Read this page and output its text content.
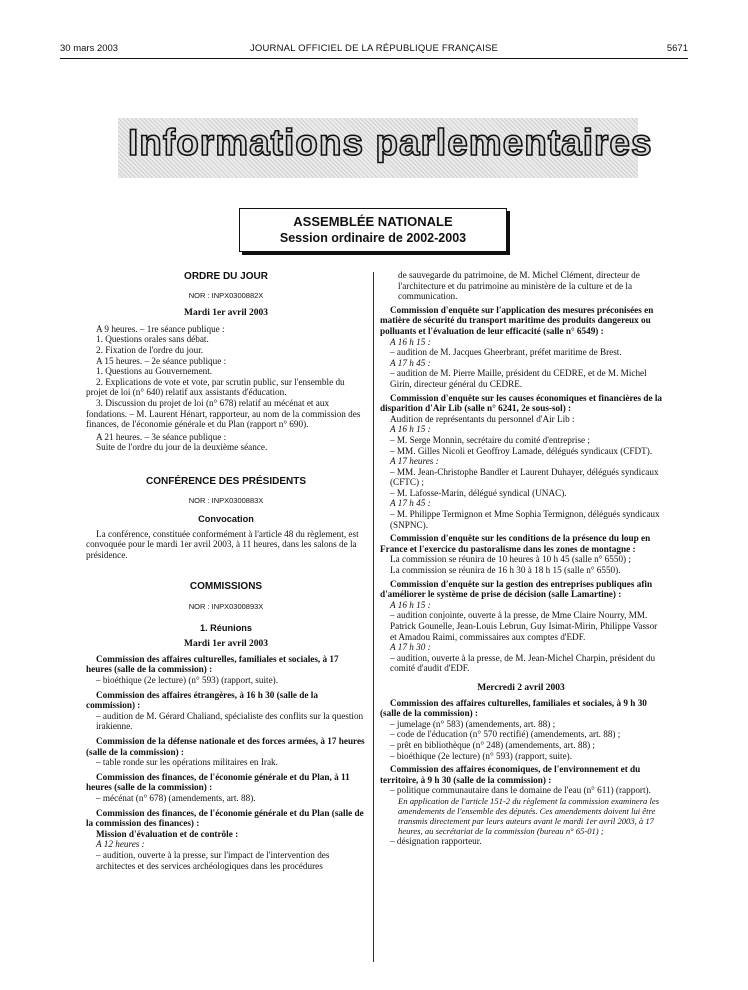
30 mars 2003	JOURNAL OFFICIEL DE LA RÉPUBLIQUE FRANÇAISE	5671
Informations parlementaires
ASSEMBLÉE NATIONALE
Session ordinaire de 2002-2003

ORDRE DU JOUR

NOR : INPX0300882X

Mardi 1er avril 2003

A 9 heures. – 1re séance publique :

1. Questions orales sans débat.

2. Fixation de l'ordre du jour.

A 15 heures. – 2e séance publique :

1. Questions au Gouvernement.

2. Explications de vote et vote, par scrutin public, sur l'ensemble du projet de loi (n° 640) relatif aux assistants d'éducation.

3. Discussion du projet de loi (n° 678) relatif au mécénat et aux fondations. – M. Laurent Hénart, rapporteur, au nom de la commission des finances, de l'économie générale et du Plan (rapport n° 690).

A 21 heures. – 3e séance publique :

Suite de l'ordre du jour de la deuxième séance.

CONFÉRENCE DES PRÉSIDENTS

NOR : INPX0300883X

Convocation

La conférence, constituée conformément à l'article 48 du règlement, est convoquée pour le mardi 1er avril 2003, à 11 heures, dans les salons de la présidence.

COMMISSIONS

NOR : INPX0300893X

1. Réunions

Mardi 1er avril 2003

Commission des affaires culturelles, familiales et sociales, à 17 heures (salle de la commission) :

– bioéthique (2e lecture) (n° 593) (rapport, suite).

Commission des affaires étrangères, à 16 h 30 (salle de la commission) :

– audition de M. Gérard Chaliand, spécialiste des conflits sur la question irakienne.

Commission de la défense nationale et des forces armées, à 17 heures (salle de la commission) :

– table ronde sur les opérations militaires en Irak.

Commission des finances, de l'économie générale et du Plan, à 11 heures (salle de la commission) :

– mécénat (n° 678) (amendements, art. 88).

Commission des finances, de l'économie générale et du Plan (salle de la commission des finances) :

Mission d'évaluation et de contrôle :

A 12 heures :

– audition, ouverte à la presse, sur l'impact de l'intervention des architectes et des services archéologiques dans les procédures

de sauvegarde du patrimoine, de M. Michel Clément, directeur de l'architecture et du patrimoine au ministère de la culture et de la communication.

Commission d'enquête sur l'application des mesures préconisées en matière de sécurité du transport maritime des produits dangereux ou polluants et l'évaluation de leur efficacité (salle n° 6549) :

A 16 h 15 :

– audition de M. Jacques Gheerbrant, préfet maritime de Brest.

A 17 h 45 :

– audition de M. Pierre Maille, président du CEDRE, et de M. Michel Girin, directeur général du CEDRE.

Commission d'enquête sur les causes économiques et financières de la disparition d'Air Lib (salle n° 6241, 2e sous-sol) :

Audition de représentants du personnel d'Air Lib :

A 16 h 15 :

– M. Serge Monnin, secrétaire du comité d'entreprise ;

– MM. Gilles Nicoli et Geoffroy Lamade, délégués syndicaux (CFDT).

A 17 heures :

– MM. Jean-Christophe Bandler et Laurent Duhayer, délégués syndicaux (CFTC) ;

– M. Lafosse-Marin, délégué syndical (UNAC).

A 17 h 45 :

– M. Philippe Termignon et Mme Sophia Termignon, délégués syndicaux (SNPNC).

Commission d'enquête sur les conditions de la présence du loup en France et l'exercice du pastoralisme dans les zones de montagne :

La commission se réunira de 10 heures à 10 h 45 (salle n° 6550) ;

La commission se réunira de 16 h 30 à 18 h 15 (salle n° 6550).

Commission d'enquête sur la gestion des entreprises publiques afin d'améliorer le système de prise de décision (salle Lamartine) :

A 16 h 15 :

– audition conjointe, ouverte à la presse, de Mme Claire Nourry, MM. Patrick Gounelle, Jean-Louis Lebrun, Guy Isimat-Mirin, Philippe Vassor et Amadou Raimi, commissaires aux comptes d'EDF.

A 17 h 30 :

– audition, ouverte à la presse, de M. Jean-Michel Charpin, président du comité d'audit d'EDF.

Mercredi 2 avril 2003

Commission des affaires culturelles, familiales et sociales, à 9 h 30 (salle de la commission) :

– jumelage (n° 583) (amendements, art. 88) ;

– code de l'éducation (n° 570 rectifié) (amendements, art. 88) ;

– prêt en bibliothèque (n° 248) (amendements, art. 88) ;

– bioéthique (2e lecture) (n° 593) (rapport, suite).

Commission des affaires économiques, de l'environnement et du territoire, à 9 h 30 (salle de la commission) :

– politique communautaire dans le domaine de l'eau (n° 611) (rapport).

En application de l'article 151-2 du règlement la commission examinera les amendements de l'ensemble des députés. Ces amendements doivent lui être transmis directement par leurs auteurs avant le mardi 1er avril 2003, à 17 heures, au secrétariat de la commission (bureau n° 65-01) ;

– désignation rapporteur.
